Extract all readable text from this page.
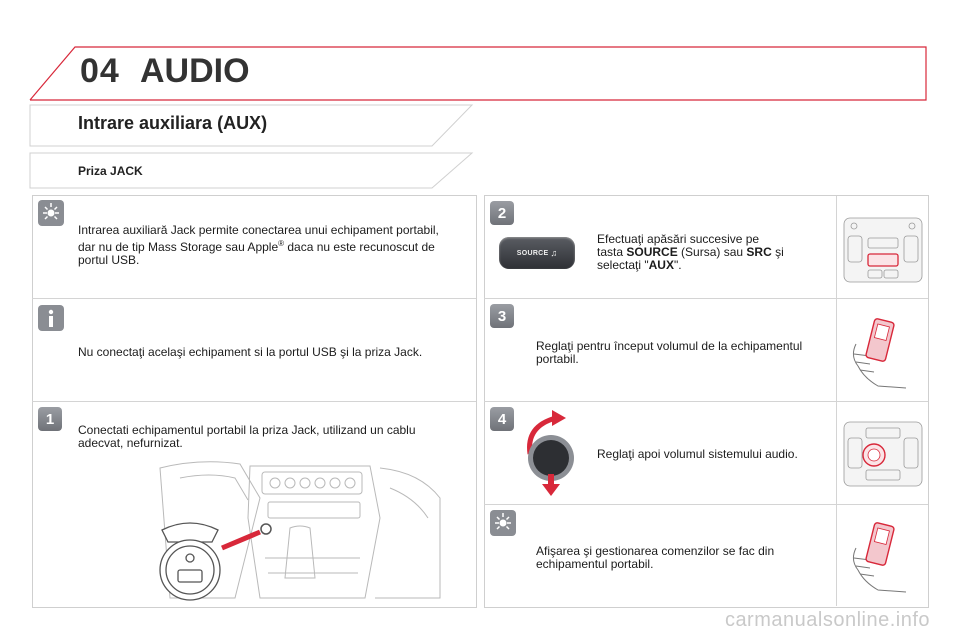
04 AUDIO
Intrare auxiliara (AUX)
Priza JACK
Intrarea auxiliară Jack permite conectarea unui echipament portabil,
dar nu de tip Mass Storage sau Apple® daca nu este recunoscut de
portul USB.
Nu conectaţi acelaşi echipament si la portul USB şi la priza Jack.
1
Conectati echipamentul portabil la priza Jack, utilizand un cablu
adecvat, nefurnizat.
2
SOURCE ♫
Efectuaţi apăsări succesive pe
tasta SOURCE (Sursa) sau SRC şi
selectaţi "AUX".
3
Reglaţi pentru început volumul de la echipamentul
portabil.
4
Reglaţi apoi volumul sistemului audio.
Afişarea şi gestionarea comenzilor se fac din
echipamentul portabil.
carmanualsonline.info
